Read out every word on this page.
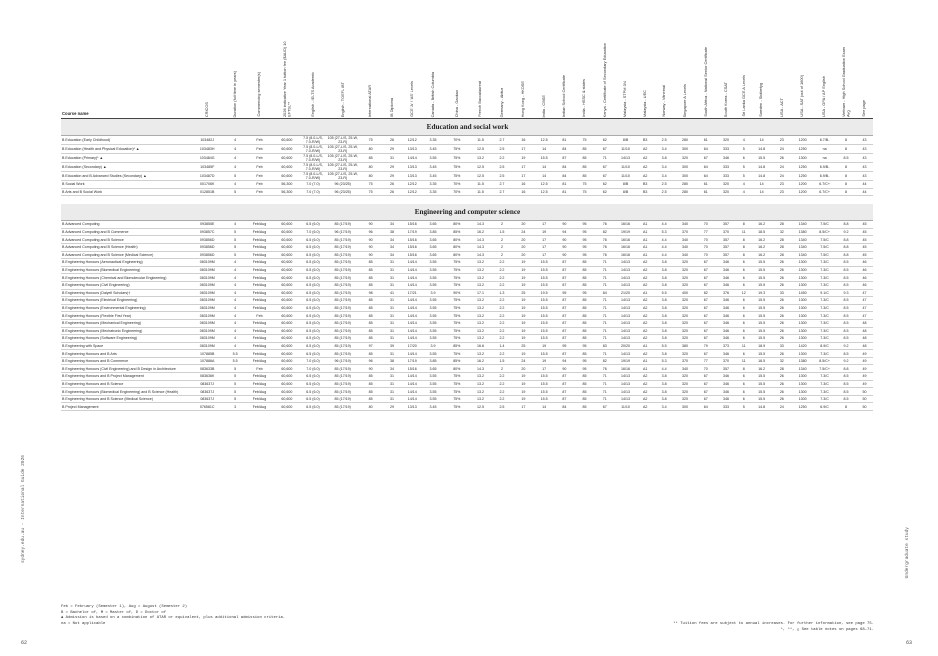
sydney.edu.au - International Guide 2026	Undergraduate study
62	63
Course name	CRICOS	Duration (full time in years)	Commencing semester(s)	2026 indicative Year 1 tuition fee ($AUD) 10 EFTSL**	English - IELTS Academic	English - TOEFL iBT	International ATAR	IB Diploma	GCE 'A' / 'AS' Levels	Canada - British Columbia	China - Gaokao	French Baccalaureat	Germany - Abitur	Hong Kong - HKDSE	India - CBSE	Indian School Certificate	India - HSSC & states	Kenya - Certificate of Secondary Education	Malaysia - STPM 3/4	Malaysia - UEC	Norway - Vitnemal	Singapore A Levels	South Africa - National Senior Certificate	South Korea - CSAT	Sri Lanka GCE A Levels	Sweden - Slutbetyg	USA - ACT	USA - SAT (out of 1600)	USA - GPA / AP English	Vietnam - High School Graduation Exam Avg	See page

Education and social work																															
B Education (Early Childhood)	103482J	4	Feb	60,600	7.5 (8.0-L/S, 7.0-R/W)	105 (27-L/S, 25-W, 23-R)	75	26	12/12	3.35	70%	11.5	2.7	16	12.5	81	75	62	8/B	B3	2.5	280	61	320	4	14	23	1200	6.7/B-	8	43
B Education (Health and Physical Education)* ▲	103483H	4	Feb	60,600	7.5 (8.0-L/S, 7.0-R/W)	105 (27-L/S, 25-W, 23-R)	80	29	13/13	3.45	75%	12.5	2.5	17	14	84	85	67	11/10	A2	3.4	300	64	333	5	14.8	24	1250	na	8	43
B Education (Primary)* ▲	103484G	4	Feb	60,600	7.5 (8.0-L/S, 7.0-R/W)	105 (27-L/S, 25-W, 23-R)	85	31	14/14	3.55	75%	13.2	2.2	19	15.5	87	85	71	14/13	A2	3.8	320	67	346	6	15.5	26	1300	na	8.5	43
B Education (Secondary) ▲	103485F	4	Feb	60,600	7.5 (8.0-L/S, 7.0-R/W)	105 (27-L/S, 25-W, 23-R)	80	29	13/13	3.45	75%	12.5	2.5	17	14	84	85	67	11/10	A2	3.4	300	64	333	5	14.8	24	1250	6.9/B-	8	43
B Education and B Advanced Studies (Secondary) ▲	103487D	5	Feb	60,600	7.5 (8.0-L/S, 7.0-R/W)	105 (27-L/S, 25-W, 23-R)	80	29	13/13	3.45	75%	12.5	2.5	17	14	84	85	67	11/10	A2	3.4	300	64	333	5	14.8	24	1250	6.9/B-	8	43
B Social Work	001706K	4	Feb	56,300	7.0 (7.0)	96 (23/25)	75	26	12/12	3.35	70%	11.5	2.7	16	12.5	81	75	62	8/B	B3	2.5	280	61	320	4	14	23	1200	6.7/C+	8	44
B Arts and B Social Work	012851B	5	Feb	56,300	7.0 (7.0)	96 (23/25)	75	26	12/12	3.35	70%	11.5	2.7	16	12.5	81	75	62	8/B	B3	2.5	280	61	320	4	14	23	1200	6.7/C+	8	44

Engineering and computer science																															
B Advanced Computing	093855E	4	Feb/Aug	60,600	6.5 (6.0)	85 (17/19)	90	34	15/16	3.65	80%	14.3	2	20	17	90	95	76	16/16	A1	4.4	340	70	357	8	16.2	28	1340	7.5/C	8.8	45
B Advanced Computing and B Commerce	093857C	5	Feb/Aug	60,600	7.0 (6.0)	96 (17/19)	96	38	17/19	3.85	85%	16.2	1.5	24	19	94	95	82	19/19	A1	5.3	370	77	370	11	18.5	32	1380	8.5/C+	9.2	45
B Advanced Computing and B Science	093856D	5	Feb/Aug	60,600	6.5 (6.0)	85 (17/19)	90	34	15/16	3.65	80%	14.3	2	20	17	90	95	76	16/16	A1	4.4	340	70	357	8	16.2	28	1340	7.5/C	8.8	45
B Advanced Computing and B Science (Health)	093856D	5	Feb/Aug	60,600	6.5 (6.0)	85 (17/19)	90	34	15/16	3.65	80%	14.3	2	20	17	90	95	76	16/16	A1	4.4	340	70	357	8	16.2	28	1340	7.5/C	8.8	45
B Advanced Computing and B Science (Medical Science)	093856D	5	Feb/Aug	60,600	6.5 (6.0)	85 (17/19)	90	34	15/16	3.65	80%	14.3	2	20	17	90	95	76	16/16	A1	4.4	340	70	357	8	16.2	28	1340	7.5/C	8.8	45
B Engineering Honours (Aeronautical Engineering)	083109M	4	Feb/Aug	60,600	6.5 (6.0)	85 (17/19)	85	31	14/14	3.55	75%	13.2	2.2	19	15.5	87	85	71	14/13	A2	3.8	320	67	346	6	15.5	26	1300	7.3/C	8.5	46
B Engineering Honours (Biomedical Engineering)	083109M	4	Feb/Aug	60,600	6.5 (6.0)	85 (17/19)	85	31	14/14	3.55	75%	13.2	2.2	19	15.5	87	85	71	14/13	A2	3.8	320	67	346	6	15.5	26	1300	7.3/C	8.5	46
B Engineering Honours (Chemical and Biomolecular Engineering)	083109M	4	Feb/Aug	60,600	6.5 (6.0)	85 (17/19)	85	31	14/14	3.55	75%	13.2	2.2	19	15.5	87	85	71	14/13	A2	3.8	320	67	346	6	15.5	26	1300	7.3/C	8.5	46
B Engineering Honours (Civil Engineering)	083109M	4	Feb/Aug	60,600	6.5 (6.0)	85 (17/19)	85	31	14/14	3.55	75%	13.2	2.2	19	15.5	87	85	71	14/13	A2	3.8	320	67	346	6	15.5	26	1300	7.3/C	8.5	46
B Engineering Honours (Dalyell Scholars)†	083109M	4	Feb/Aug	60,600	6.5 (6.0)	85 (17/19)	98	41	17/21	3.9	90%	17.1	1.3	25	19.5	95	95	84	21/20	A1	5.5	400	82	376	12	19.3	33	1450	9.1/C	9.3	47
B Engineering Honours (Electrical Engineering)	083109M	4	Feb/Aug	60,600	6.5 (6.0)	85 (17/19)	85	31	14/14	3.55	75%	13.2	2.2	19	15.5	87	85	71	14/13	A2	3.8	320	67	346	6	15.5	26	1300	7.3/C	8.5	47
B Engineering Honours (Environmental Engineering)	083109M	4	Feb/Aug	60,600	6.5 (6.0)	85 (17/19)	85	31	14/14	3.55	75%	13.2	2.2	19	15.5	87	85	71	14/13	A2	3.8	320	67	346	6	15.5	26	1300	7.3/C	8.5	47
B Engineering Honours (Flexible First Year)	083109M	4	Feb	60,600	6.5 (6.0)	85 (17/19)	85	31	14/14	3.55	75%	13.2	2.2	19	15.5	87	85	71	14/13	A2	3.8	320	67	346	6	15.5	26	1300	7.3/C	8.5	47
B Engineering Honours (Mechanical Engineering)	083109M	4	Feb/Aug	60,600	6.5 (6.0)	85 (17/19)	85	31	14/14	3.55	75%	13.2	2.2	19	15.5	87	85	71	14/13	A2	3.8	320	67	346	6	15.5	26	1300	7.3/C	8.5	48
B Engineering Honours (Mechatronic Engineering)	083109M	4	Feb/Aug	60,600	6.5 (6.0)	85 (17/19)	85	31	14/14	3.55	75%	13.2	2.2	19	15.5	87	85	71	14/13	A2	3.8	320	67	346	6	15.5	26	1300	7.3/C	8.5	48
B Engineering Honours (Software Engineering)	083109M	4	Feb/Aug	60,600	6.5 (6.0)	85 (17/19)	85	31	14/14	3.55	75%	13.2	2.2	19	15.5	87	85	71	14/13	A2	3.8	320	67	346	6	15.5	26	1300	7.3/C	8.5	48
B Engineering with Space	083109M	4	Feb/Aug	60,600	6.5 (6.0)	85 (17/19)	97	39	17/20	3.9	85%	16.6	1.4	25	19	95	95	83	20/20	A1	5.5	380	79	373	11	18.9	33	1420	8.9/C	9.2	48
B Engineering Honours and B Arts	107885B	5.5	Feb/Aug	60,600	6.5 (6.0)	85 (17/19)	85	31	14/14	3.55	75%	13.2	2.2	19	15.5	87	85	71	14/13	A2	3.8	320	67	346	6	15.5	26	1300	7.3/C	8.5	49
B Engineering Honours and B Commerce	107886A	5.5	Feb/Aug	60,600	7.0 (6.0)	96 (17/19)	96	38	17/19	3.85	85%	16.2	1.5	24	19	94	95	82	19/19	A1	5.3	370	77	370	11	18.5	32	1380	8.5/C+	9.2	49
B Engineering Honours (Civil Engineering) and B Design in Architecture	083633B	5	Feb	60,600	7.0 (6.0)	85 (17/19)	90	34	15/16	3.65	80%	14.3	2	20	17	90	95	76	16/16	A1	4.4	340	70	357	8	16.2	28	1340	7.5/C+	8.8	49
B Engineering Honours and B Project Management	083636K	5	Feb/Aug	60,600	6.5 (6.0)	85 (17/19)	85	31	14/14	3.55	75%	13.2	2.2	19	15.5	87	85	71	14/13	A2	3.8	320	67	346	6	15.5	26	1300	7.3/C	8.5	49
B Engineering Honours and B Science	083637J	5	Feb/Aug	60,600	6.5 (6.0)	85 (17/19)	85	31	14/14	3.55	75%	13.2	2.2	19	15.5	87	85	71	14/13	A2	3.8	320	67	346	6	15.5	26	1300	7.3/C	8.5	49
B Engineering Honours (Biomedical Engineering) and B Science (Health)	083637J	5	Feb/Aug	60,600	6.5 (6.0)	85 (17/19)	85	31	14/14	3.55	75%	13.2	2.2	19	15.5	87	85	71	14/13	A2	3.8	320	67	346	6	15.5	26	1300	7.3/C	8.5	50
B Engineering Honours and B Science (Medical Science)	083637J	5	Feb/Aug	60,600	6.5 (6.0)	85 (17/19)	85	31	14/14	3.55	75%	13.2	2.2	19	15.5	87	85	71	14/13	A2	3.8	320	67	346	6	15.5	26	1300	7.3/C	8.5	50
B Project Management	076581C	3	Feb/Aug	60,600	6.5 (6.0)	85 (17/19)	80	29	13/13	3.45	75%	12.5	2.5	17	14	84	85	67	11/10	A2	3.4	300	64	333	5	14.8	24	1250	6.9/C	8	50
Feb = February (Semester 1), Aug = August (Semester 2)
B = Bachelor of, M = Master of, D = Doctor of
▲ Admission is based on a combination of ATAR or equivalent, plus additional admission criteria.
na = Not applicable	** Tuition fees are subject to annual increases. For further information, see page 75.
*, **, △ See table notes on pages 68–71.
